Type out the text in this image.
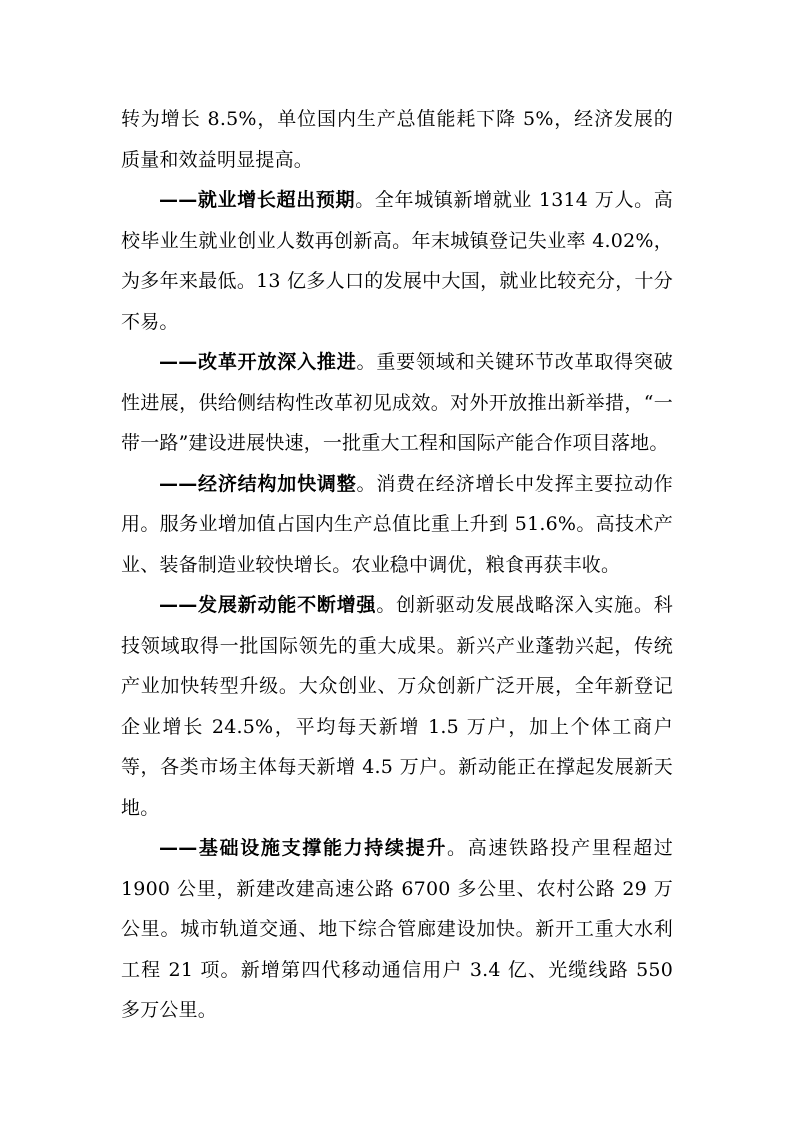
转为增长 8.5%，单位国内生产总值能耗下降 5%，经济发展的质量和效益明显提高。

——就业增长超出预期。全年城镇新增就业 1314 万人。高校毕业生就业创业人数再创新高。年末城镇登记失业率 4.02%，为多年来最低。13 亿多人口的发展中大国，就业比较充分，十分不易。

——改革开放深入推进。重要领域和关键环节改革取得突破性进展，供给侧结构性改革初见成效。对外开放推出新举措，“一带一路”建设进展快速，一批重大工程和国际产能合作项目落地。

——经济结构加快调整。消费在经济增长中发挥主要拉动作用。服务业增加值占国内生产总值比重上升到 51.6%。高技术产业、装备制造业较快增长。农业稳中调优，粮食再获丰收。

——发展新动能不断增强。创新驱动发展战略深入实施。科技领域取得一批国际领先的重大成果。新兴产业蓬勃兴起，传统产业加快转型升级。大众创业、万众创新广泛开展，全年新登记企业增长 24.5%，平均每天新增 1.5 万户，加上个体工商户等，各类市场主体每天新增 4.5 万户。新动能正在撑起发展新天地。

——基础设施支撑能力持续提升。高速铁路投产里程超过 1900 公里，新建改建高速公路 6700 多公里、农村公路 29 万公里。城市轨道交通、地下综合管廊建设加快。新开工重大水利工程 21 项。新增第四代移动通信用户 3.4 亿、光缆线路 550 多万公里。
